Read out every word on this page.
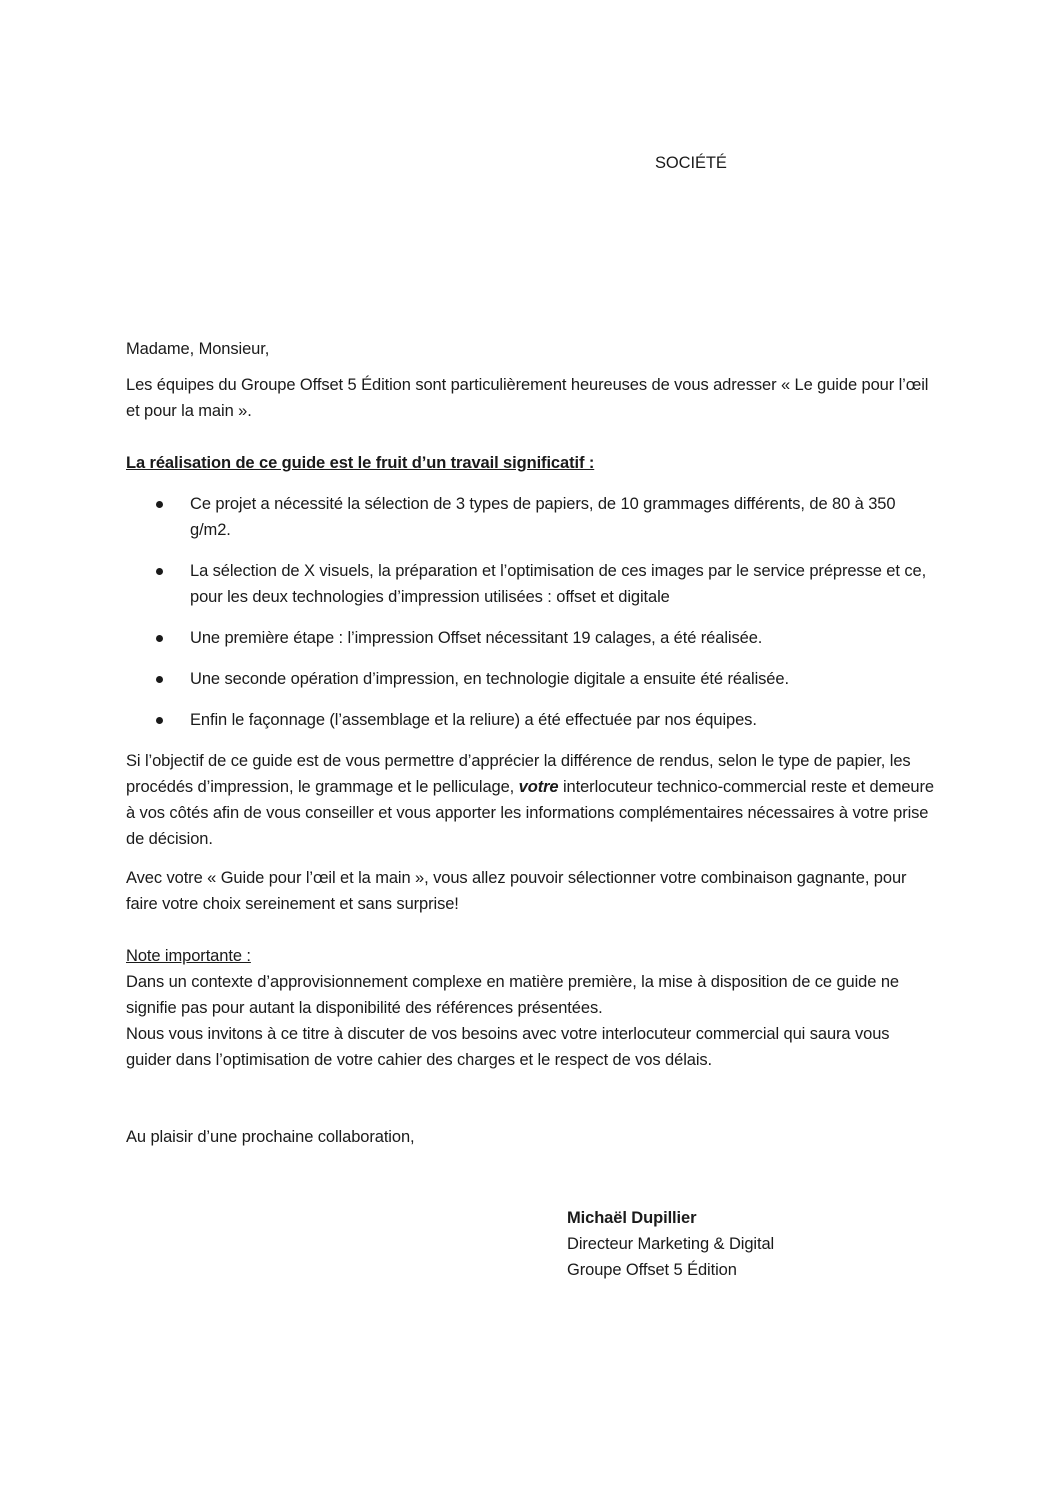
SOCIÉTÉ
Madame, Monsieur,

Les équipes du Groupe Offset 5 Édition sont particulièrement heureuses de vous adresser « Le guide pour l’œil et pour la main ».

La réalisation de ce guide est le fruit d’un travail significatif :
Ce projet a nécessité la sélection de 3 types de papiers, de 10 grammages différents, de 80 à 350 g/m2.
La sélection de X visuels, la préparation et l’optimisation de ces images par le service prépresse et ce, pour les deux technologies d’impression utilisées : offset et digitale
Une première étape : l’impression Offset nécessitant 19 calages, a été réalisée.
Une seconde opération d’impression, en technologie digitale a ensuite été réalisée.
Enfin le façonnage (l’assemblage et la reliure) a été effectuée par nos équipes.

Si l’objectif de ce guide est de vous permettre d’apprécier la différence de rendus, selon le type de papier, les procédés d’impression, le grammage et le pelliculage, votre interlocuteur technico-commercial reste et demeure à vos côtés afin de vous conseiller et vous apporter les informations complémentaires nécessaires à votre prise de décision.

Avec votre « Guide pour l’œil et la main », vous allez pouvoir sélectionner votre combinaison gagnante, pour faire votre choix sereinement et sans surprise!

Note importante :
Dans un contexte d’approvisionnement complexe en matière première, la mise à disposition de ce guide ne signifie pas pour autant la disponibilité des références présentées.
Nous vous invitons à ce titre à discuter de vos besoins avec votre interlocuteur commercial qui saura vous guider dans l’optimisation de votre cahier des charges et le respect de vos délais.
Au plaisir d’une prochaine collaboration,
Michaël Dupillier
Directeur Marketing & Digital
Groupe Offset 5 Édition
